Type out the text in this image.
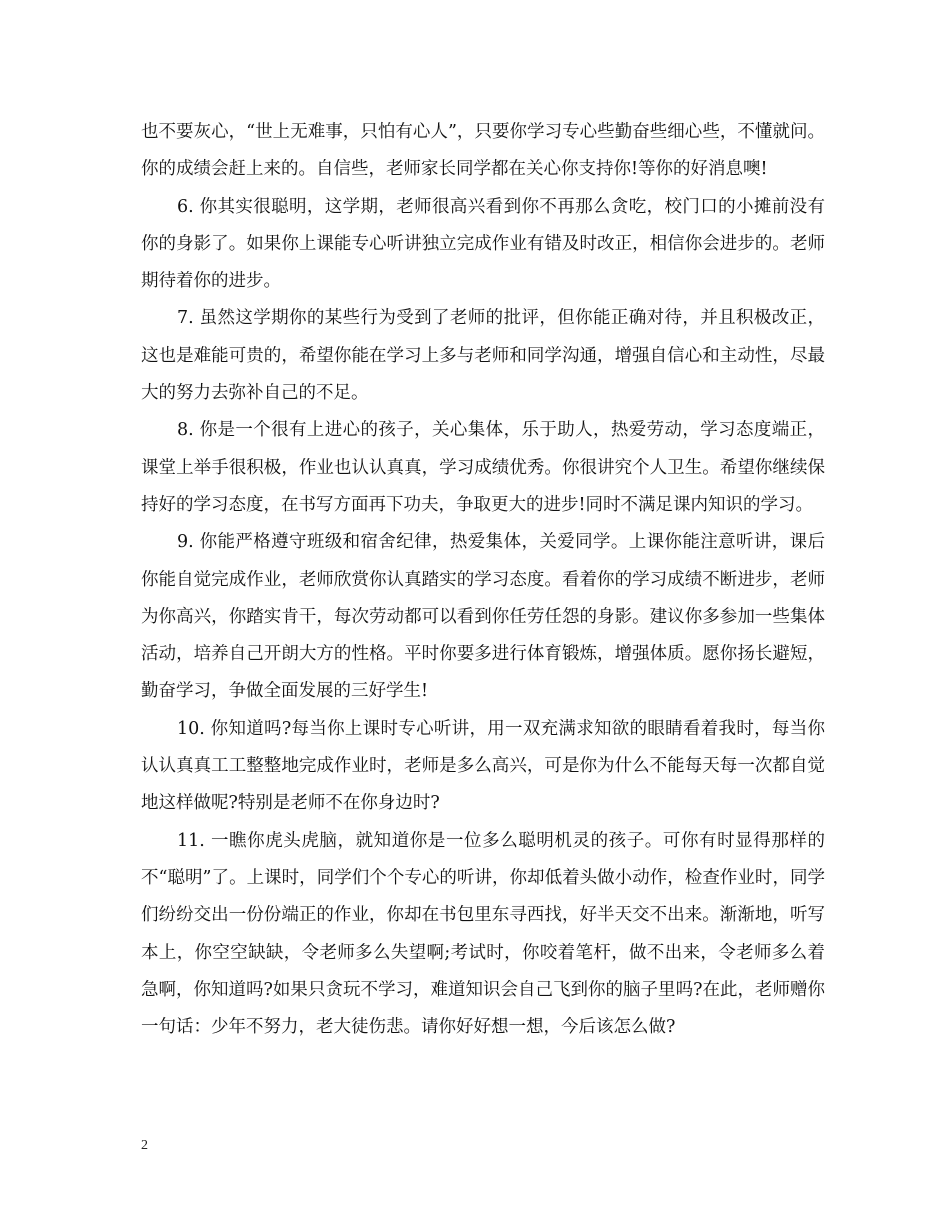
也不要灰心，“世上无难事，只怕有心人”，只要你学习专心些勤奋些细心些，不懂就问。你的成绩会赶上来的。自信些，老师家长同学都在关心你支持你!等你的好消息噢!

6. 你其实很聪明，这学期，老师很高兴看到你不再那么贪吃，校门口的小摊前没有你的身影了。如果你上课能专心听讲独立完成作业有错及时改正，相信你会进步的。老师期待着你的进步。

7. 虽然这学期你的某些行为受到了老师的批评，但你能正确对待，并且积极改正，这也是难能可贵的，希望你能在学习上多与老师和同学沟通，增强自信心和主动性，尽最大的努力去弥补自己的不足。

8. 你是一个很有上进心的孩子，关心集体，乐于助人，热爱劳动，学习态度端正，课堂上举手很积极，作业也认认真真，学习成绩优秀。你很讲究个人卫生。希望你继续保持好的学习态度，在书写方面再下功夫，争取更大的进步!同时不满足课内知识的学习。

9. 你能严格遵守班级和宿舍纪律，热爱集体，关爱同学。上课你能注意听讲，课后你能自觉完成作业，老师欣赏你认真踏实的学习态度。看着你的学习成绩不断进步，老师为你高兴，你踏实肯干，每次劳动都可以看到你任劳任怨的身影。建议你多参加一些集体活动，培养自己开朗大方的性格。平时你要多进行体育锻炼，增强体质。愿你扬长避短，勤奋学习，争做全面发展的三好学生!

10. 你知道吗?每当你上课时专心听讲，用一双充满求知欲的眼睛看着我时，每当你认认真真工工整整地完成作业时，老师是多么高兴，可是你为什么不能每天每一次都自觉地这样做呢?特别是老师不在你身边时?

11. 一瞧你虎头虎脑，就知道你是一位多么聪明机灵的孩子。可你有时显得那样的不“聪明”了。上课时，同学们个个专心的听讲，你却低着头做小动作，检查作业时，同学们纷纷交出一份份端正的作业，你却在书包里东寻西找，好半天交不出来。渐渐地，听写本上，你空空缺缺，令老师多么失望啊;考试时，你咬着笔杆，做不出来，令老师多么着急啊，你知道吗?如果只贪玩不学习，难道知识会自己飞到你的脑子里吗?在此，老师赠你一句话：少年不努力，老大徒伤悲。请你好好想一想，今后该怎么做?

2
